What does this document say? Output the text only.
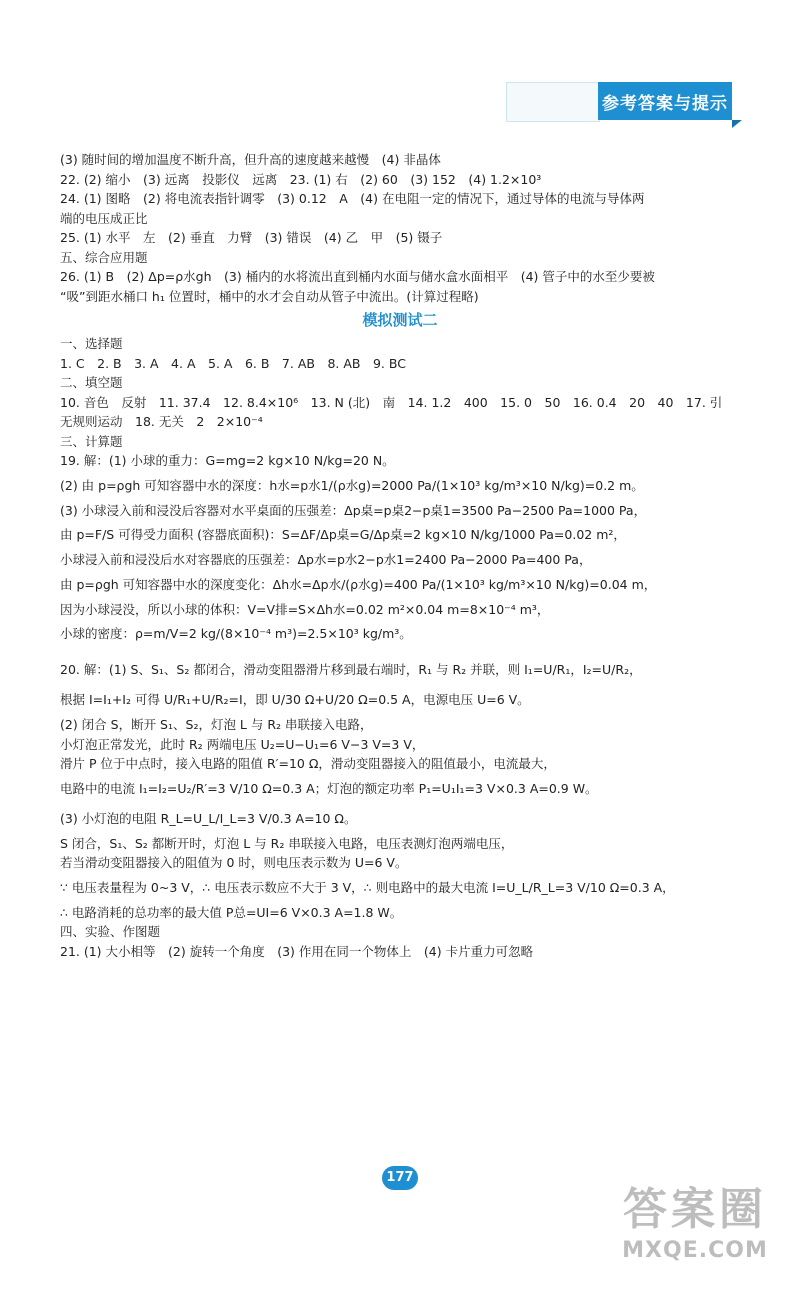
参考答案与提示
(3) 随时间的增加温度不断升高，但升高的速度越来越慢　(4) 非晶体
22. (2) 缩小　(3) 远离　投影仪　远离　23. (1) 右　(2) 60　(3) 152　(4) 1.2×10³
24. (1) 图略　(2) 将电流表指针调零　(3) 0.12　A　(4) 在电阻一定的情况下，通过导体的电流与导体两
端的电压成正比
25. (1) 水平　左　(2) 垂直　力臂　(3) 错误　(4) 乙　甲　(5) 镊子
五、综合应用题
26. (1) B　(2) Δp=ρ水gh　(3) 桶内的水将流出直到桶内水面与储水盒水面相平　(4) 管子中的水至少要被
“吸”到距水桶口 h₁ 位置时，桶中的水才会自动从管子中流出。(计算过程略)
模拟测试二
一、选择题
1. C　2. B　3. A　4. A　5. A　6. B　7. AB　8. AB　9. BC
二、填空题
10. 音色　反射　11. 37.4　12. 8.4×10⁶　13. N (北)　南　14. 1.2　400　15. 0　50　16. 0.4　20　40　17. 引
无规则运动　18. 无关　2　2×10⁻⁴
三、计算题
19. 解：(1) 小球的重力：G=mg=2 kg×10 N/kg=20 N。
(2) 由 p=ρgh 可知容器中水的深度：h水=p水1/(ρ水g)=2000 Pa/(1×10³ kg/m³×10 N/kg)=0.2 m。
(3) 小球浸入前和浸没后容器对水平桌面的压强差：Δp桌=p桌2−p桌1=3500 Pa−2500 Pa=1000 Pa，
由 p=F/S 可得受力面积 (容器底面积)：S=ΔF/Δp桌=G/Δp桌=2 kg×10 N/kg/1000 Pa=0.02 m²，
小球浸入前和浸没后水对容器底的压强差：Δp水=p水2−p水1=2400 Pa−2000 Pa=400 Pa，
由 p=ρgh 可知容器中水的深度变化：Δh水=Δp水/(ρ水g)=400 Pa/(1×10³ kg/m³×10 N/kg)=0.04 m，
因为小球浸没，所以小球的体积：V=V排=S×Δh水=0.02 m²×0.04 m=8×10⁻⁴ m³，
小球的密度：ρ=m/V=2 kg/(8×10⁻⁴ m³)=2.5×10³ kg/m³。
20. 解：(1) S、S₁、S₂ 都闭合，滑动变阻器滑片移到最右端时，R₁ 与 R₂ 并联，则 I₁=U/R₁，I₂=U/R₂，
根据 I=I₁+I₂ 可得 U/R₁+U/R₂=I，即 U/30 Ω+U/20 Ω=0.5 A，电源电压 U=6 V。
(2) 闭合 S，断开 S₁、S₂，灯泡 L 与 R₂ 串联接入电路，
小灯泡正常发光，此时 R₂ 两端电压 U₂=U−U₁=6 V−3 V=3 V，
滑片 P 位于中点时，接入电路的阻值 R′=10 Ω，滑动变阻器接入的阻值最小，电流最大，
电路中的电流 I₁=I₂=U₂/R′=3 V/10 Ω=0.3 A；灯泡的额定功率 P₁=U₁I₁=3 V×0.3 A=0.9 W。
(3) 小灯泡的电阻 R_L=U_L/I_L=3 V/0.3 A=10 Ω。
S 闭合，S₁、S₂ 都断开时，灯泡 L 与 R₂ 串联接入电路，电压表测灯泡两端电压，
若当滑动变阻器接入的阻值为 0 时，则电压表示数为 U=6 V。
∵ 电压表量程为 0~3 V，∴ 电压表示数应不大于 3 V，∴ 则电路中的最大电流 I=U_L/R_L=3 V/10 Ω=0.3 A，
∴ 电路消耗的总功率的最大值 P总=UI=6 V×0.3 A=1.8 W。
四、实验、作图题
21. (1) 大小相等　(2) 旋转一个角度　(3) 作用在同一个物体上　(4) 卡片重力可忽略
177
答案圈
MXQE.COM
